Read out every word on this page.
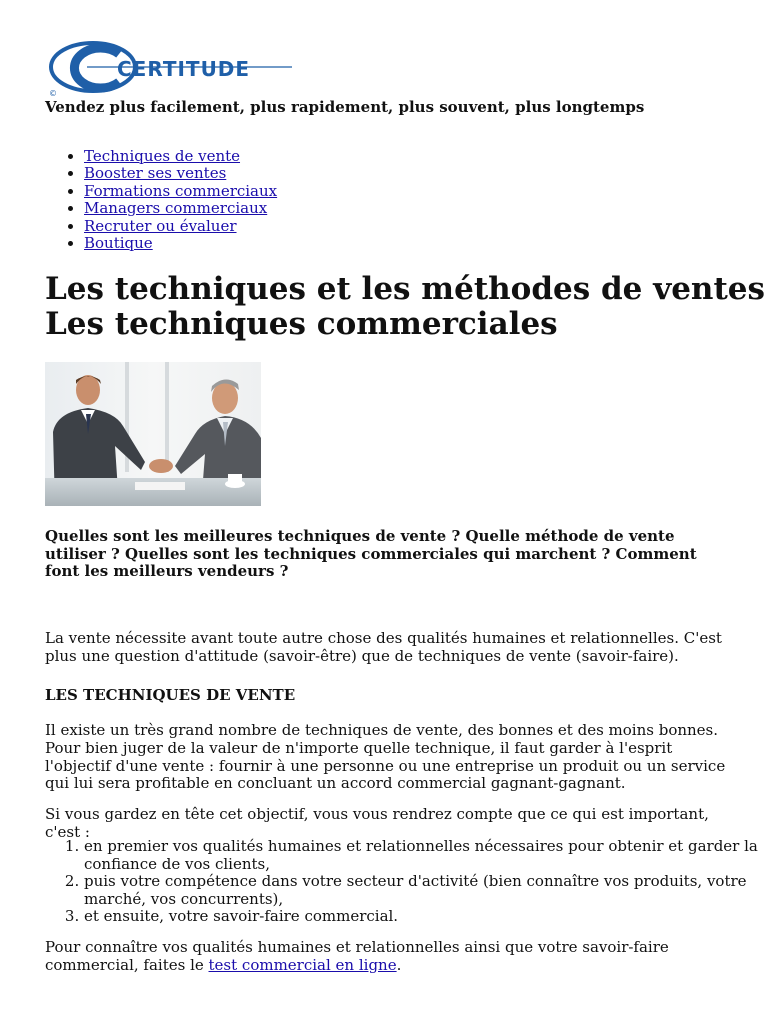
CERTITUDE
©

Vendez plus facilement, plus rapidement, plus souvent, plus longtemps

• Techniques de vente
• Booster ses ventes
• Formations commerciaux
• Managers commerciaux
• Recruter ou évaluer
• Boutique
Les techniques et les méthodes de ventes
Les techniques commerciales

Quelles sont les meilleures techniques de vente ? Quelle méthode de vente utiliser ? Quelles sont les techniques commerciales qui marchent ? Comment font les meilleurs vendeurs ?

La vente nécessite avant toute autre chose des qualités humaines et relationnelles. C'est plus une question d'attitude (savoir-être) que de techniques de vente (savoir-faire).

LES TECHNIQUES DE VENTE

Il existe un très grand nombre de techniques de vente, des bonnes et des moins bonnes. Pour bien juger de la valeur de n'importe quelle technique, il faut garder à l'esprit l'objectif d'une vente : fournir à une personne ou une entreprise un produit ou un service qui lui sera profitable en concluant un accord commercial gagnant-gagnant.

Si vous gardez en tête cet objectif, vous vous rendrez compte que ce qui est important, c'est :

1. en premier vos qualités humaines et relationnelles nécessaires pour obtenir et garder la confiance de vos clients,
2. puis votre compétence dans votre secteur d'activité (bien connaître vos produits, votre marché, vos concurrents),
3. et ensuite, votre savoir-faire commercial.

Pour connaître vos qualités humaines et relationnelles ainsi que votre savoir-faire commercial, faites le test commercial en ligne.
